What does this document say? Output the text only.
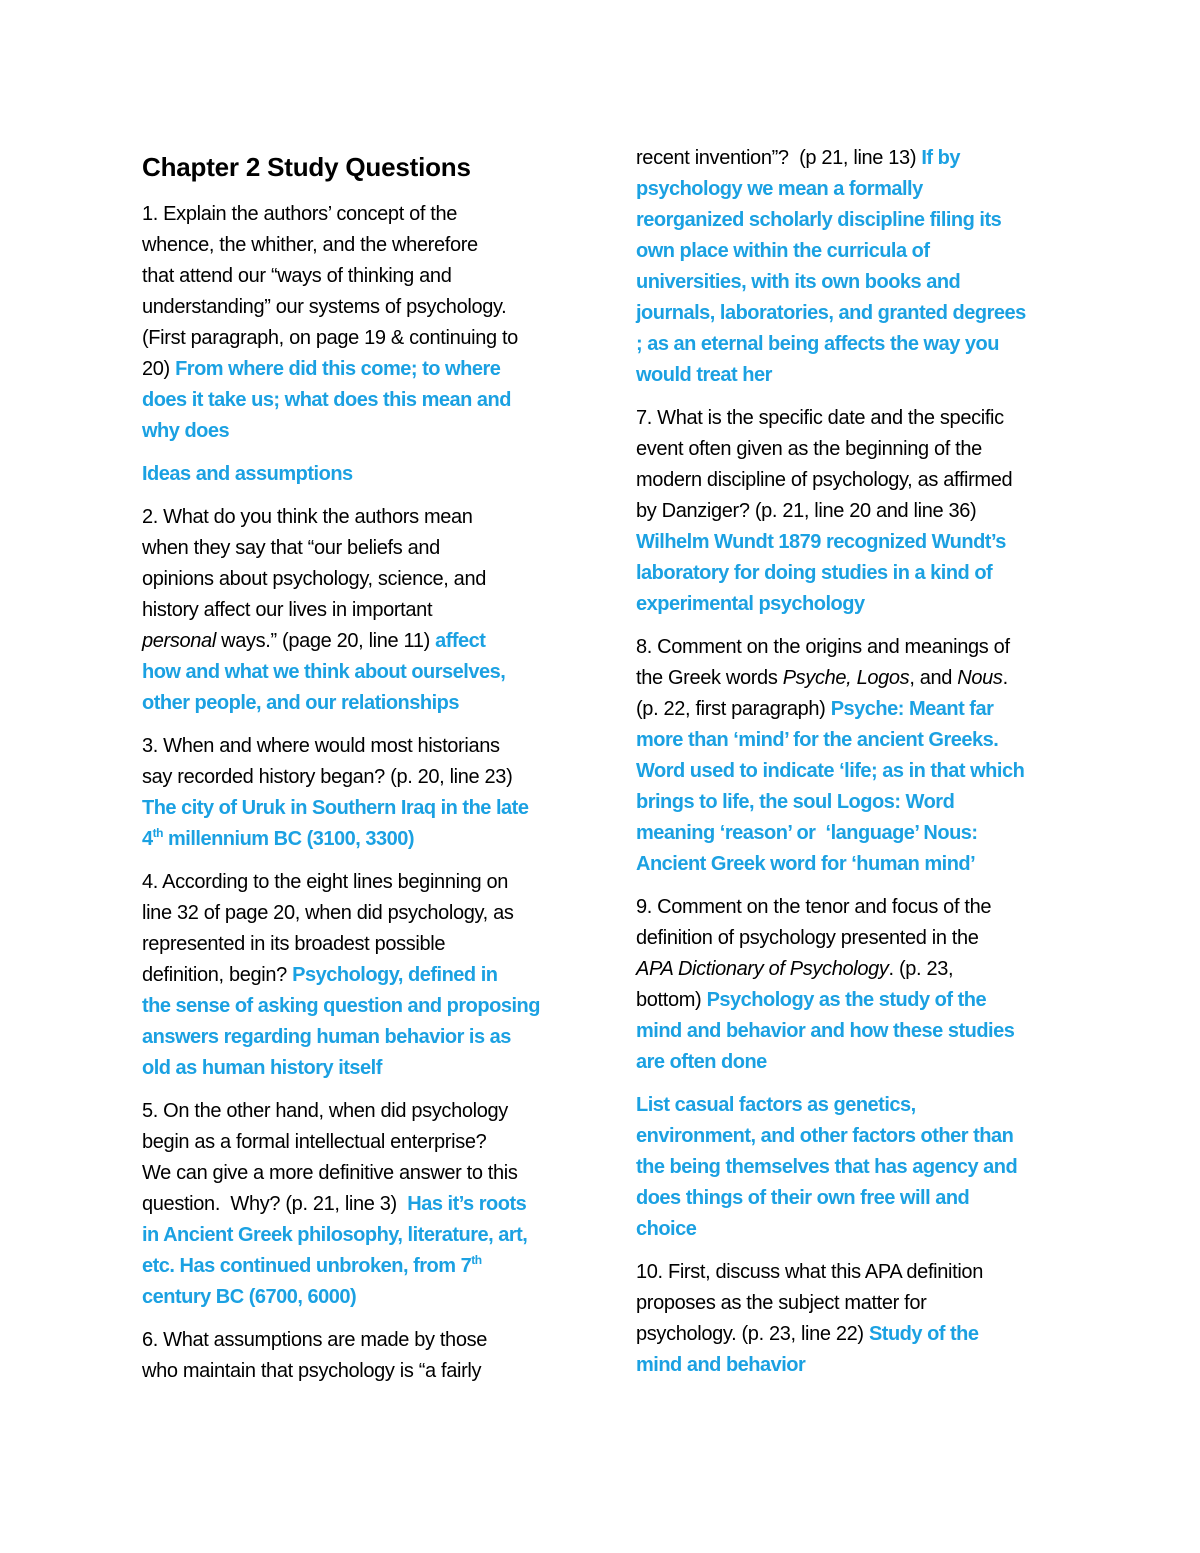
Chapter 2 Study Questions
1. Explain the authors’ concept of the
whence, the whither, and the wherefore
that attend our “ways of thinking and
understanding” our systems of psychology.
(First paragraph, on page 19 & continuing to
20) From where did this come; to where
does it take us; what does this mean and
why does
Ideas and assumptions
2. What do you think the authors mean
when they say that “our beliefs and
opinions about psychology, science, and
history affect our lives in important
personal ways.” (page 20, line 11) affect
how and what we think about ourselves,
other people, and our relationships
3. When and where would most historians
say recorded history began? (p. 20, line 23)
The city of Uruk in Southern Iraq in the late
4th millennium BC (3100, 3300)
4. According to the eight lines beginning on
line 32 of page 20, when did psychology, as
represented in its broadest possible
definition, begin? Psychology, defined in
the sense of asking question and proposing
answers regarding human behavior is as
old as human history itself
5. On the other hand, when did psychology
begin as a formal intellectual enterprise?
We can give a more definitive answer to this
question.  Why? (p. 21, line 3)  Has it’s roots
in Ancient Greek philosophy, literature, art,
etc. Has continued unbroken, from 7th
century BC (6700, 6000)
6. What assumptions are made by those
who maintain that psychology is “a fairly
recent invention”?  (p 21, line 13) If by
psychology we mean a formally
reorganized scholarly discipline filing its
own place within the curricula of
universities, with its own books and
journals, laboratories, and granted degrees
; as an eternal being affects the way you
would treat her
7. What is the specific date and the specific
event often given as the beginning of the
modern discipline of psychology, as affirmed
by Danziger? (p. 21, line 20 and line 36)
Wilhelm Wundt 1879 recognized Wundt’s
laboratory for doing studies in a kind of
experimental psychology
8. Comment on the origins and meanings of
the Greek words Psyche, Logos, and Nous.
(p. 22, first paragraph) Psyche: Meant far
more than ‘mind’ for the ancient Greeks.
Word used to indicate ‘life; as in that which
brings to life, the soul Logos: Word
meaning ‘reason’ or  ‘language’ Nous:
Ancient Greek word for ‘human mind’
9. Comment on the tenor and focus of the
definition of psychology presented in the
APA Dictionary of Psychology. (p. 23,
bottom) Psychology as the study of the
mind and behavior and how these studies
are often done
List casual factors as genetics,
environment, and other factors other than
the being themselves that has agency and
does things of their own free will and
choice
10. First, discuss what this APA definition
proposes as the subject matter for
psychology. (p. 23, line 22) Study of the
mind and behavior
